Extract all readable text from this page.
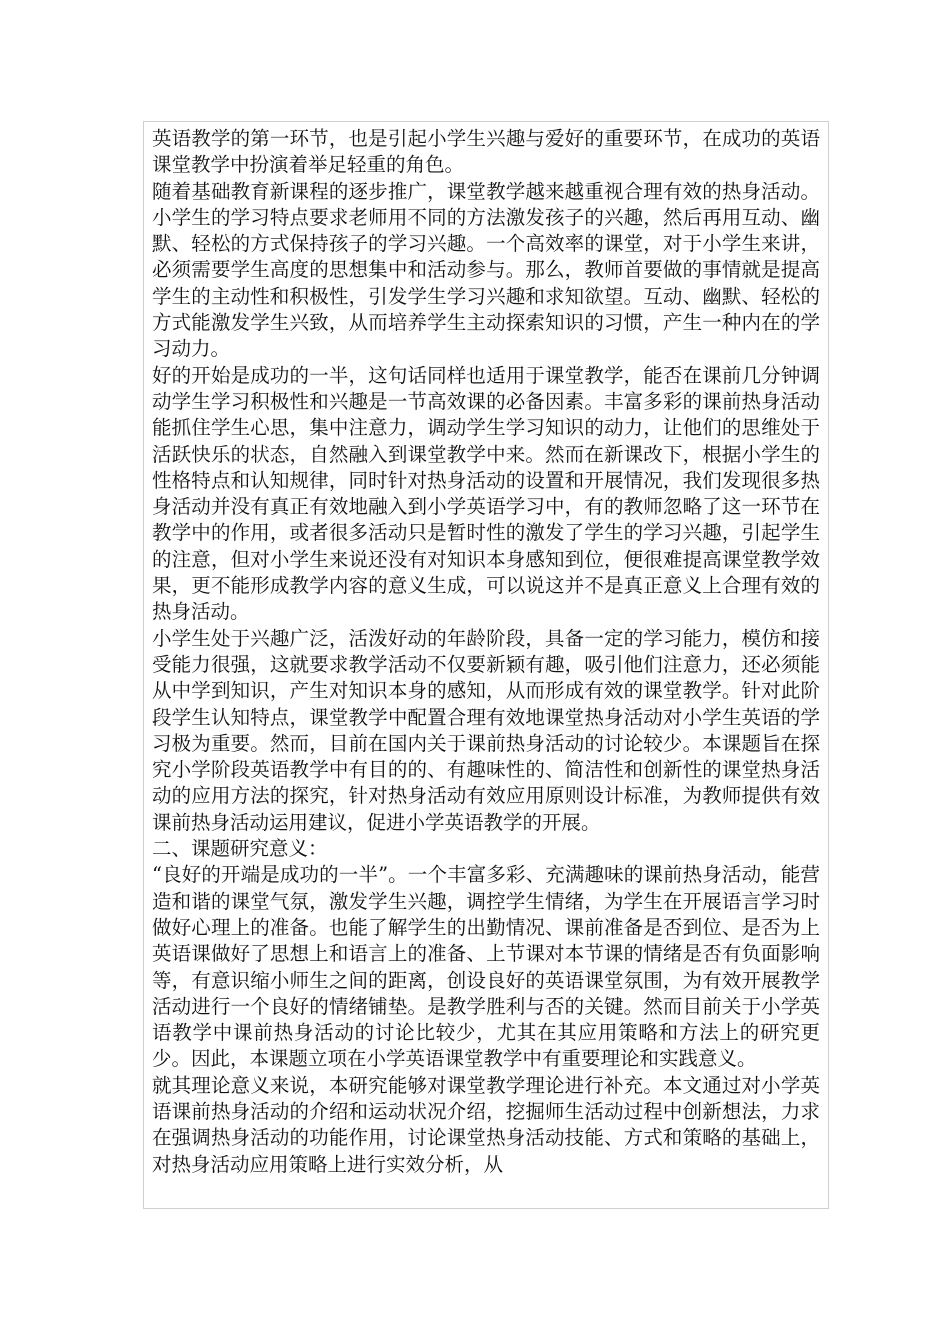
英语教学的第一环节，也是引起小学生兴趣与爱好的重要环节，在成功的英语课堂教学中扮演着举足轻重的角色。

随着基础教育新课程的逐步推广，课堂教学越来越重视合理有效的热身活动。小学生的学习特点要求老师用不同的方法激发孩子的兴趣，然后再用互动、幽默、轻松的方式保持孩子的学习兴趣。一个高效率的课堂，对于小学生来讲，必须需要学生高度的思想集中和活动参与。那么，教师首要做的事情就是提高学生的主动性和积极性，引发学生学习兴趣和求知欲望。互动、幽默、轻松的方式能激发学生兴致，从而培养学生主动探索知识的习惯，产生一种内在的学习动力。

好的开始是成功的一半，这句话同样也适用于课堂教学，能否在课前几分钟调动学生学习积极性和兴趣是一节高效课的必备因素。丰富多彩的课前热身活动能抓住学生心思，集中注意力，调动学生学习知识的动力，让他们的思维处于活跃快乐的状态，自然融入到课堂教学中来。然而在新课改下，根据小学生的性格特点和认知规律，同时针对热身活动的设置和开展情况，我们发现很多热身活动并没有真正有效地融入到小学英语学习中，有的教师忽略了这一环节在教学中的作用，或者很多活动只是暂时性的激发了学生的学习兴趣，引起学生的注意，但对小学生来说还没有对知识本身感知到位，便很难提高课堂教学效果，更不能形成教学内容的意义生成，可以说这并不是真正意义上合理有效的热身活动。

小学生处于兴趣广泛，活泼好动的年龄阶段，具备一定的学习能力，模仿和接受能力很强，这就要求教学活动不仅要新颖有趣，吸引他们注意力，还必须能从中学到知识，产生对知识本身的感知，从而形成有效的课堂教学。针对此阶段学生认知特点，课堂教学中配置合理有效地课堂热身活动对小学生英语的学习极为重要。然而，目前在国内关于课前热身活动的讨论较少。本课题旨在探究小学阶段英语教学中有目的的、有趣味性的、简洁性和创新性的课堂热身活动的应用方法的探究，针对热身活动有效应用原则设计标准，为教师提供有效课前热身活动运用建议，促进小学英语教学的开展。

二、课题研究意义：

“良好的开端是成功的一半”。一个丰富多彩、充满趣味的课前热身活动，能营造和谐的课堂气氛，激发学生兴趣，调控学生情绪，为学生在开展语言学习时做好心理上的准备。也能了解学生的出勤情况、课前准备是否到位、是否为上英语课做好了思想上和语言上的准备、上节课对本节课的情绪是否有负面影响等，有意识缩小师生之间的距离，创设良好的英语课堂氛围，为有效开展教学活动进行一个良好的情绪铺垫。是教学胜利与否的关键。然而目前关于小学英语教学中课前热身活动的讨论比较少，尤其在其应用策略和方法上的研究更少。因此，本课题立项在小学英语课堂教学中有重要理论和实践意义。

就其理论意义来说，本研究能够对课堂教学理论进行补充。本文通过对小学英语课前热身活动的介绍和运动状况介绍，挖掘师生活动过程中创新想法，力求在强调热身活动的功能作用，讨论课堂热身活动技能、方式和策略的基础上，对热身活动应用策略上进行实效分析，从
